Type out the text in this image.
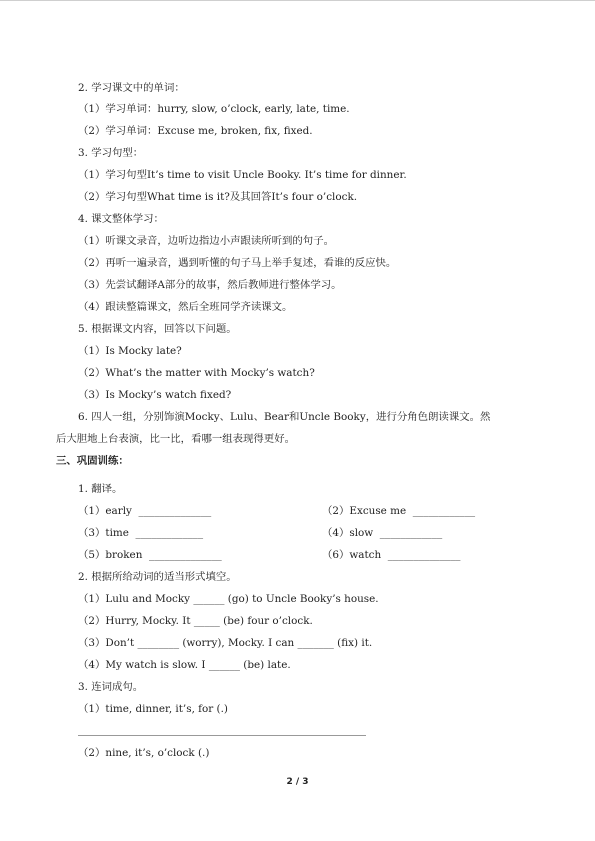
2. 学习课文中的单词：
（1）学习单词：hurry, slow, o’clock, early, late, time.
（2）学习单词：Excuse me, broken, fix, fixed.
3. 学习句型：
（1）学习句型It’s time to visit Uncle Booky. It’s time for dinner.
（2）学习句型What time is it?及其回答It’s four o’clock.
4. 课文整体学习：
（1）听课文录音，边听边指边小声跟读所听到的句子。
（2）再听一遍录音，遇到听懂的句子马上举手复述，看谁的反应快。
（3）先尝试翻译A部分的故事，然后教师进行整体学习。
（4）跟读整篇课文，然后全班同学齐读课文。
5. 根据课文内容，回答以下问题。
（1）Is Mocky late?
（2）What’s the matter with Mocky’s watch?
（3）Is Mocky’s watch fixed?
6. 四人一组，分别饰演Mocky、Lulu、Bear和Uncle Booky，进行分角色朗读课文。然
后大胆地上台表演，比一比，看哪一组表现得更好。
三、巩固训练：
1. 翻译。
（1）early  ______________	（2）Excuse me  ____________
（3）time  _____________	（4）slow  ____________
（5）broken  ______________	（6）watch  ______________
2. 根据所给动词的适当形式填空。
（1）Lulu and Mocky ______ (go) to Uncle Booky’s house.
（2）Hurry, Mocky. It _____ (be) four o’clock.
（3）Don’t ________ (worry), Mocky. I can _______ (fix) it.
（4）My watch is slow. I ______ (be) late.
3. 连词成句。
（1）time, dinner, it’s, for (.)
（2）nine, it’s, o’clock (.)
2 / 3
